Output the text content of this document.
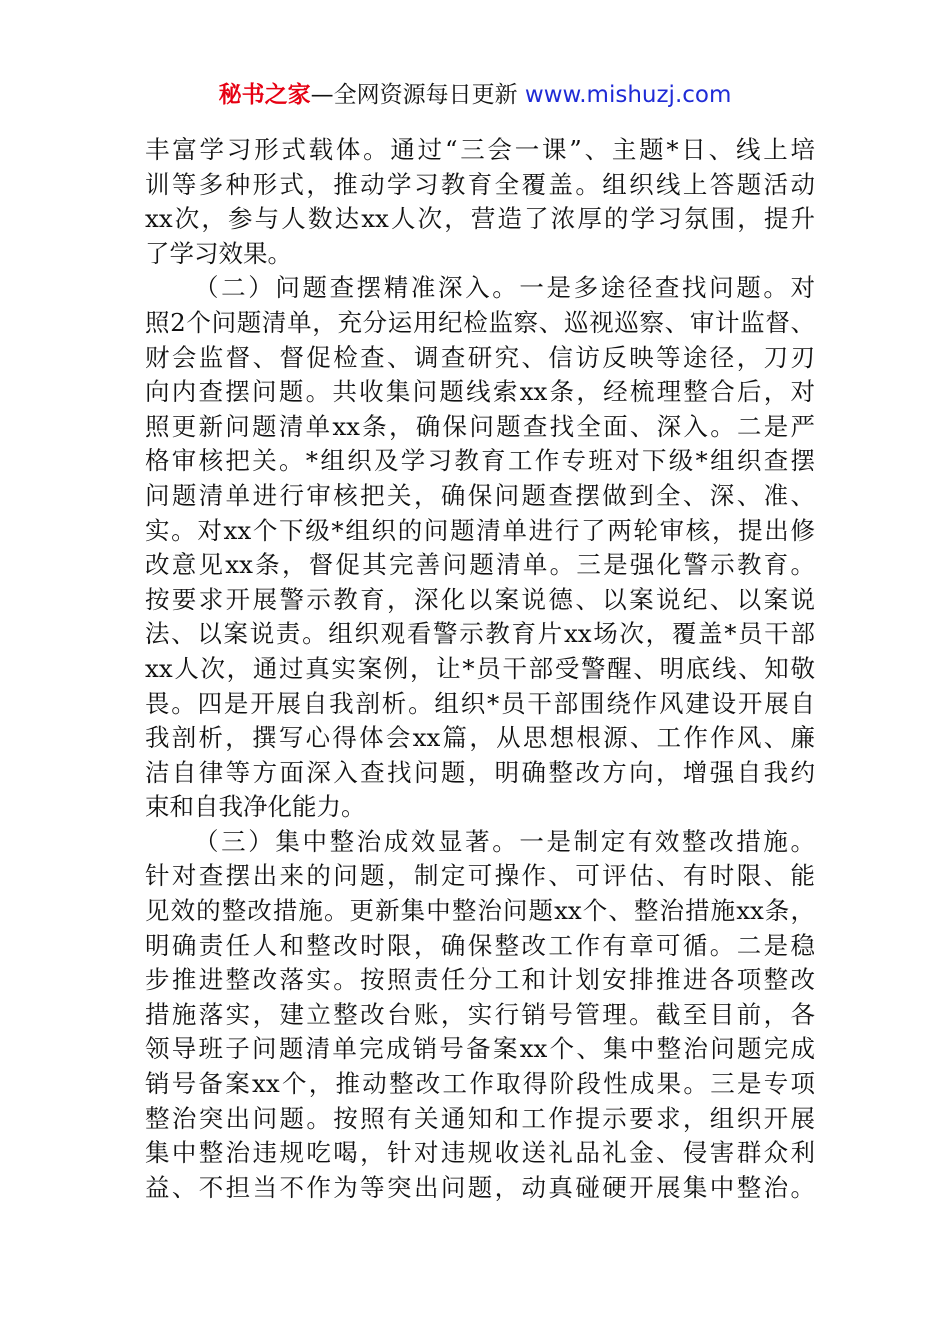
秘书之家—全网资源每日更新 www.mishuzj.com
丰富学习形式载体。通过“三会一课”、主题*日、线上培
训等多种形式，推动学习教育全覆盖。组织线上答题活动
xx次，参与人数达xx人次，营造了浓厚的学习氛围，提升
了学习效果。
（二）问题查摆精准深入。一是多途径查找问题。对
照2个问题清单，充分运用纪检监察、巡视巡察、审计监督、
财会监督、督促检查、调查研究、信访反映等途径，刀刃
向内查摆问题。共收集问题线索xx条，经梳理整合后，对
照更新问题清单xx条，确保问题查找全面、深入。二是严
格审核把关。*组织及学习教育工作专班对下级*组织查摆
问题清单进行审核把关，确保问题查摆做到全、深、准、
实。对xx个下级*组织的问题清单进行了两轮审核，提出修
改意见xx条，督促其完善问题清单。三是强化警示教育。
按要求开展警示教育，深化以案说德、以案说纪、以案说
法、以案说责。组织观看警示教育片xx场次，覆盖*员干部
xx人次，通过真实案例，让*员干部受警醒、明底线、知敬
畏。四是开展自我剖析。组织*员干部围绕作风建设开展自
我剖析，撰写心得体会xx篇，从思想根源、工作作风、廉
洁自律等方面深入查找问题，明确整改方向，增强自我约
束和自我净化能力。
（三）集中整治成效显著。一是制定有效整改措施。
针对查摆出来的问题，制定可操作、可评估、有时限、能
见效的整改措施。更新集中整治问题xx个、整治措施xx条，
明确责任人和整改时限，确保整改工作有章可循。二是稳
步推进整改落实。按照责任分工和计划安排推进各项整改
措施落实，建立整改台账，实行销号管理。截至目前，各
领导班子问题清单完成销号备案xx个、集中整治问题完成
销号备案xx个，推动整改工作取得阶段性成果。三是专项
整治突出问题。按照有关通知和工作提示要求，组织开展
集中整治违规吃喝，针对违规收送礼品礼金、侵害群众利
益、不担当不作为等突出问题，动真碰硬开展集中整治。
